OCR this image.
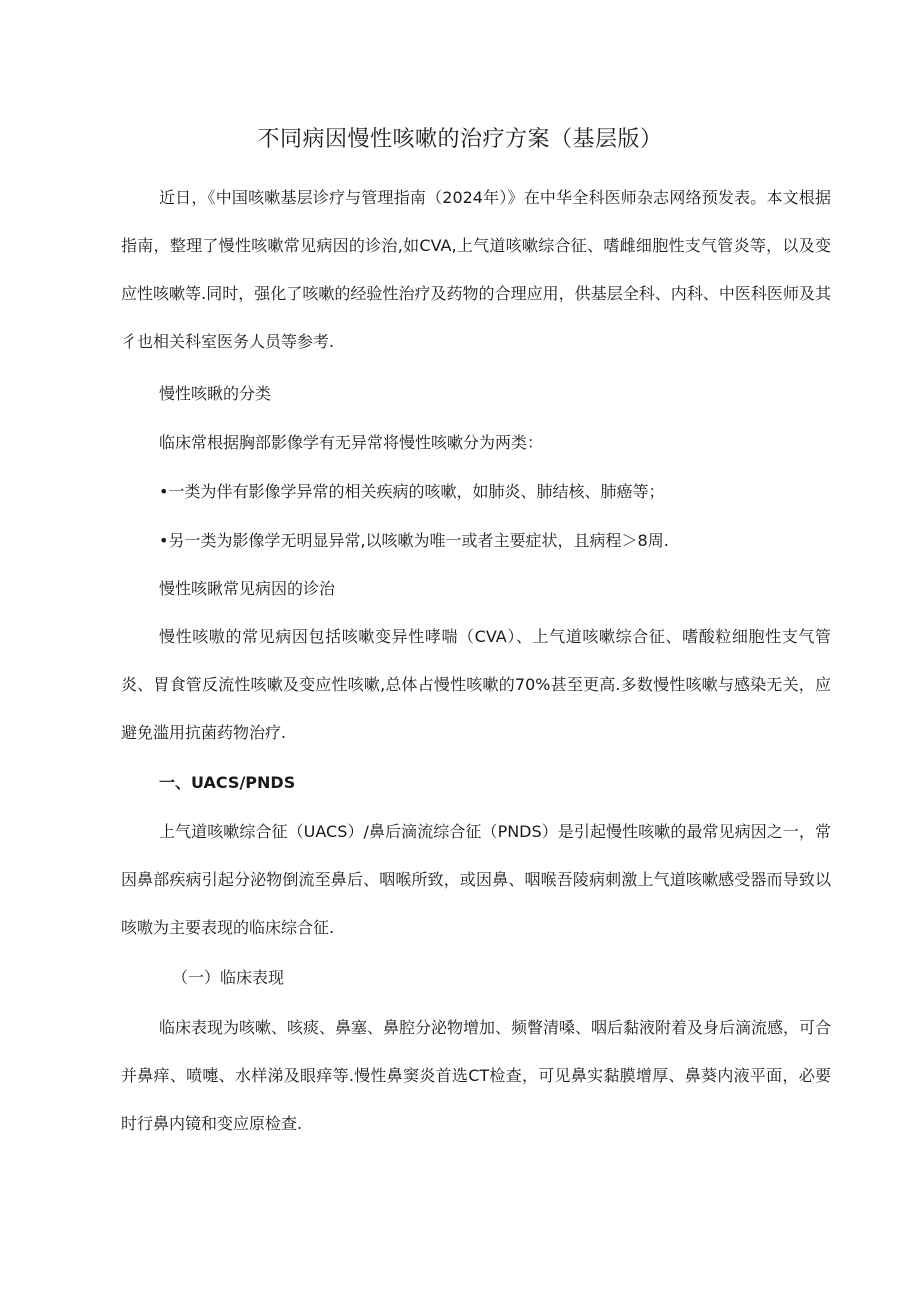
不同病因慢性咳嗽的治疗方案（基层版）

近日，《中国咳嗽基层诊疗与管理指南（2024年）》在中华全科医师杂志网络预发表。本文根据指南，整理了慢性咳嗽常见病因的诊治,如CVA,上气道咳嗽综合征、嗜雌细胞性支气管炎等，以及变应性咳嗽等.同时，强化了咳嗽的经验性治疗及药物的合理应用，供基层全科、内科、中医科医师及其彳也相关科室医务人员等参考.

慢性咳瞅的分类
临床常根据胸部影像学有无异常将慢性咳嗽分为两类：
•一类为伴有影像学异常的相关疾病的咳嗽，如肺炎、肺结核、肺癌等；
•另一类为影像学无明显异常,以咳嗽为唯一或者主要症状，且病程＞8周.
慢性咳瞅常见病因的诊治

慢性咳嗷的常见病因包括咳嗽变异性哮喘（CVA）、上气道咳嗽综合征、嗜酸粒细胞性支气管炎、胃食管反流性咳嗽及变应性咳嗽,总体占慢性咳嗽的70%甚至更高.多数慢性咳嗽与感染无关，应避免滥用抗菌药物治疗.

一、UACS/PNDS

上气道咳嗽综合征（UACS）/鼻后滴流综合征（PNDS）是引起慢性咳嗽的最常见病因之一，常因鼻部疾病引起分泌物倒流至鼻后、咽喉所致，或因鼻、咽喉吾陵病刺激上气道咳嗽感受器而导致以咳嗷为主要表现的临床综合征.

（一）临床表现

临床表现为咳嗽、咳痰、鼻塞、鼻腔分泌物增加、频瞥清嗓、咽后黏液附着及身后滴流感，可合并鼻痒、喷嚏、水样涕及眼痒等.慢性鼻窦炎首选CT检查，可见鼻实黏膜增厚、鼻葵内液平面，必要时行鼻内镜和变应原检查.
